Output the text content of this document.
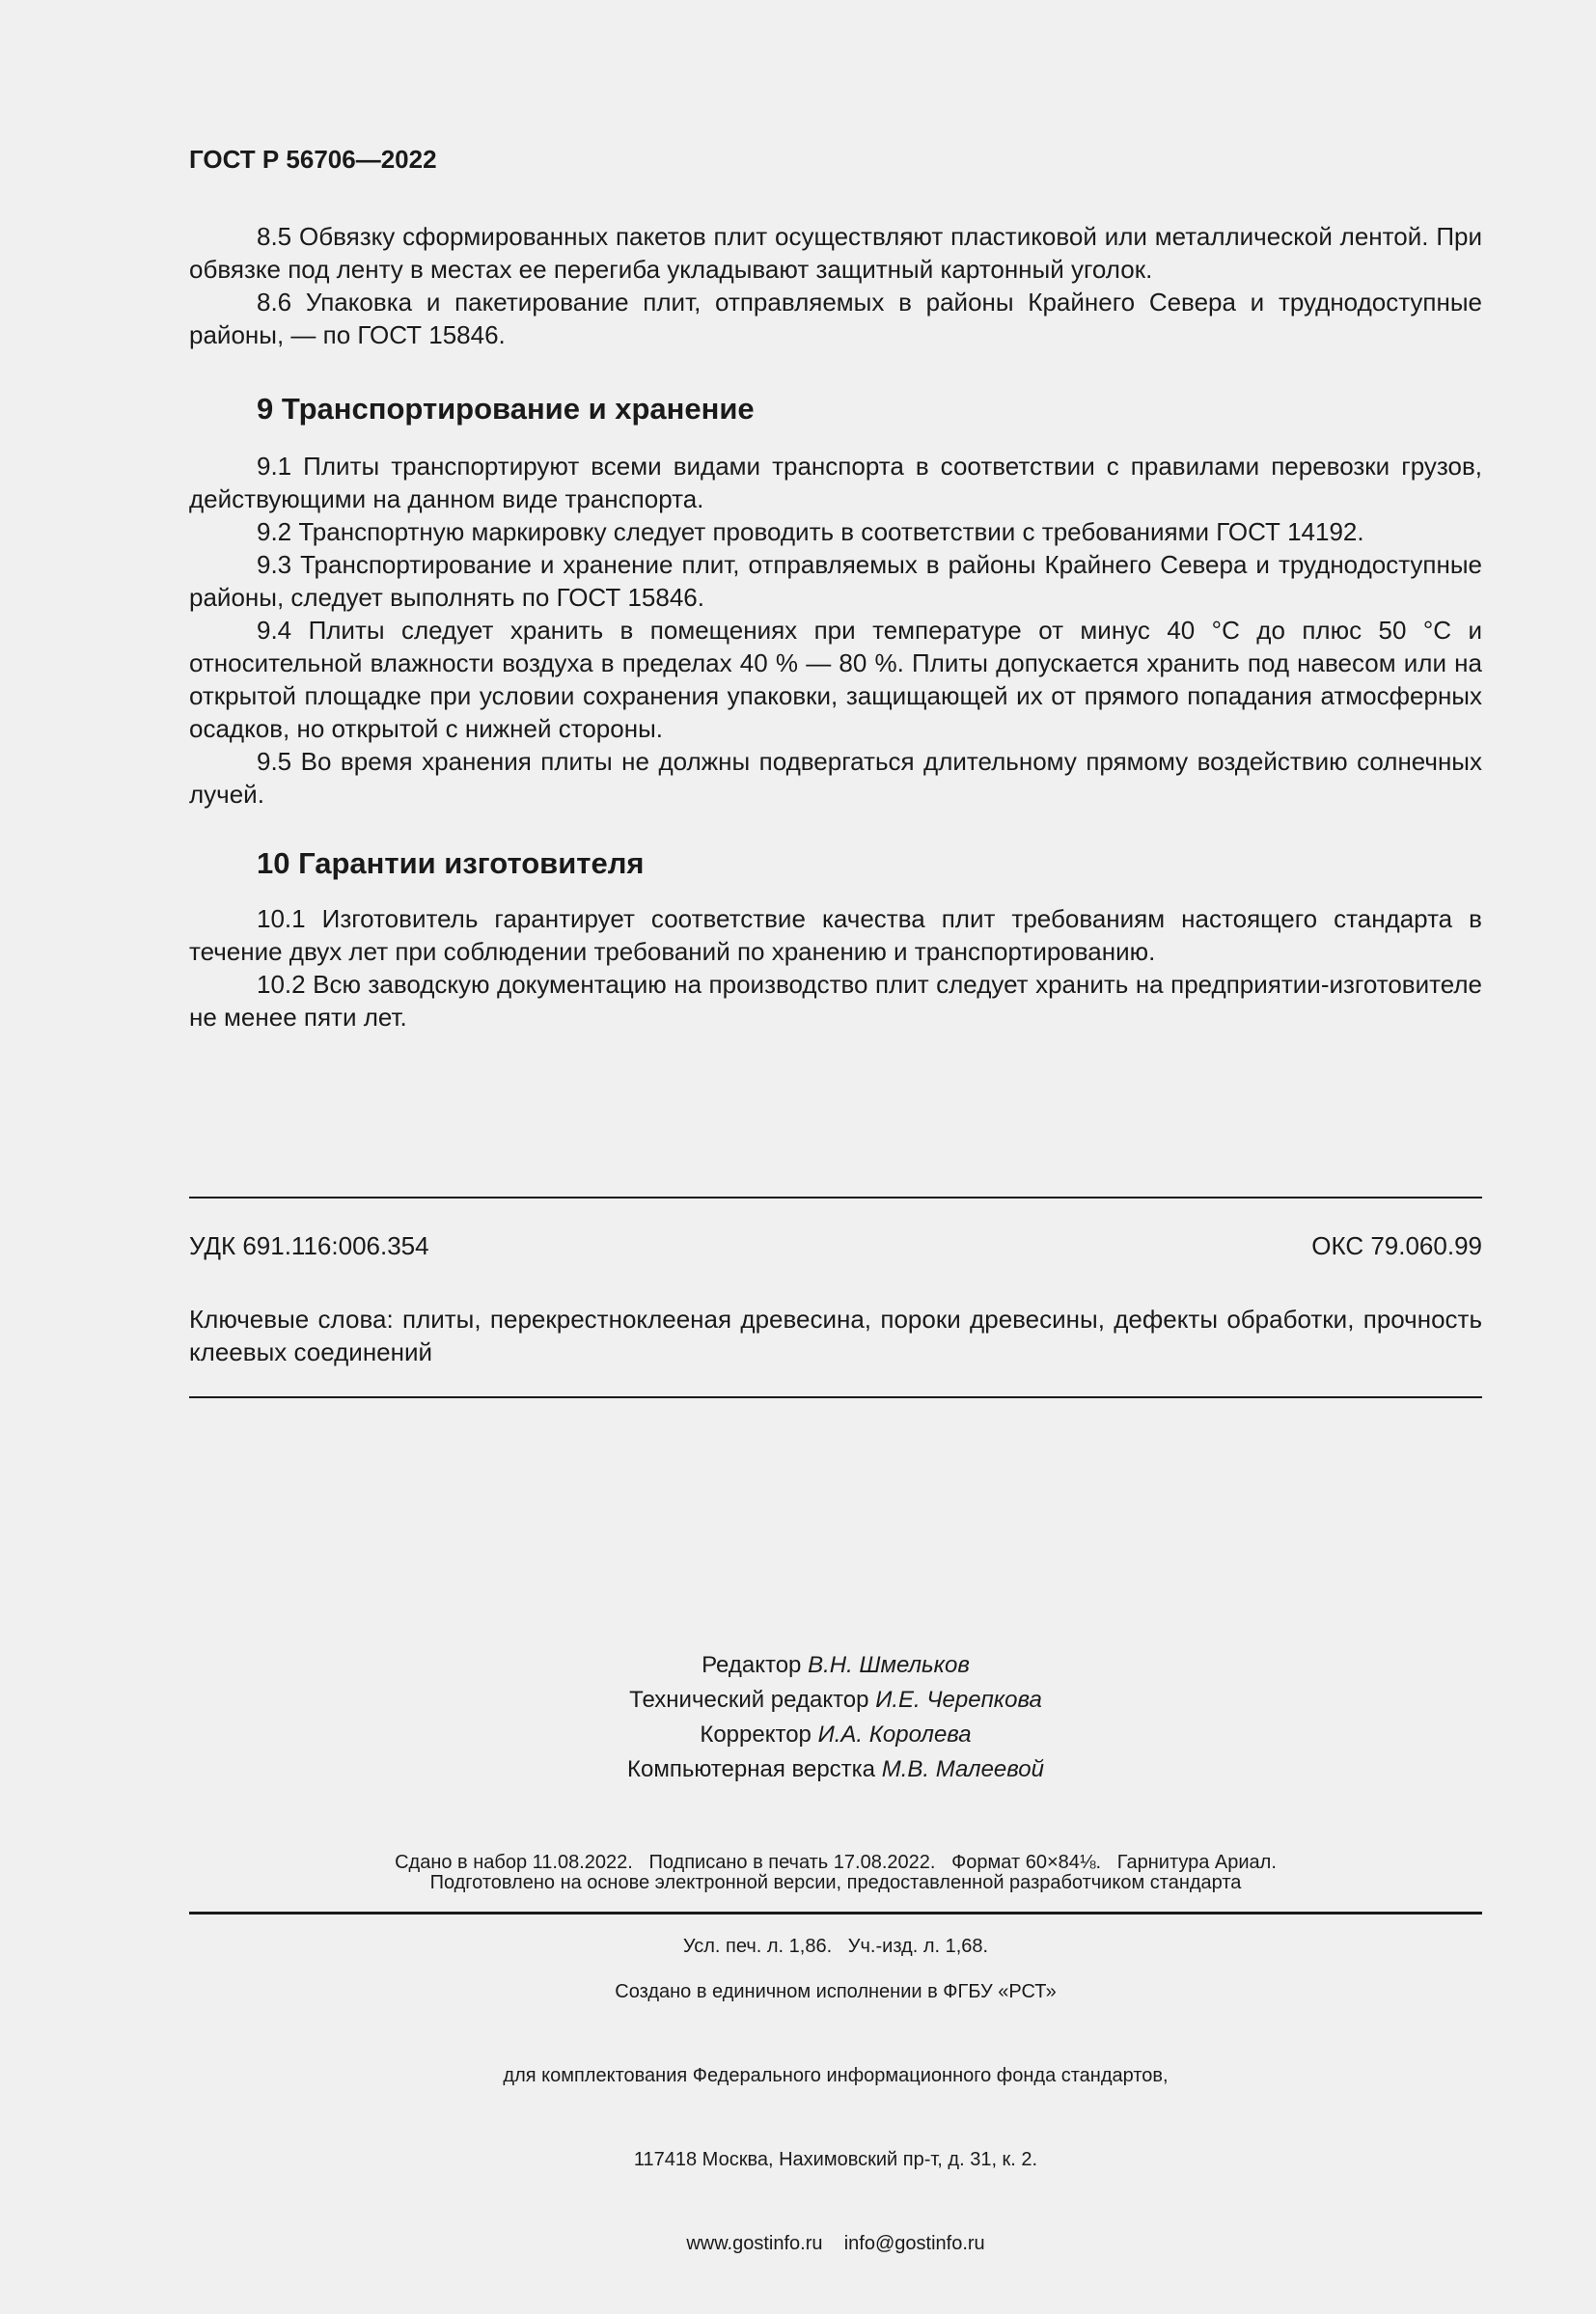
ГОСТ Р 56706—2022

8.5 Обвязку сформированных пакетов плит осуществляют пластиковой или металлической лентой. При обвязке под ленту в местах ее перегиба укладывают защитный картонный уголок.

8.6 Упаковка и пакетирование плит, отправляемых в районы Крайнего Севера и труднодоступные районы, — по ГОСТ 15846.

9 Транспортирование и хранение

9.1 Плиты транспортируют всеми видами транспорта в соответствии с правилами перевозки грузов, действующими на данном виде транспорта.

9.2 Транспортную маркировку следует проводить в соответствии с требованиями ГОСТ 14192.

9.3 Транспортирование и хранение плит, отправляемых в районы Крайнего Севера и труднодоступные районы, следует выполнять по ГОСТ 15846.

9.4 Плиты следует хранить в помещениях при температуре от минус 40 °С до плюс 50 °С и относительной влажности воздуха в пределах 40 % — 80 %. Плиты допускается хранить под навесом или на открытой площадке при условии сохранения упаковки, защищающей их от прямого попадания атмосферных осадков, но открытой с нижней стороны.

9.5 Во время хранения плиты не должны подвергаться длительному прямому воздействию солнечных лучей.

10 Гарантии изготовителя

10.1 Изготовитель гарантирует соответствие качества плит требованиям настоящего стандарта в течение двух лет при соблюдении требований по хранению и транспортированию.

10.2 Всю заводскую документацию на производство плит следует хранить на предприятии-изготовителе не менее пяти лет.

УДК 691.116:006.354	ОКС 79.060.99

Ключевые слова: плиты, перекрестноклееная древесина, пороки древесины, дефекты обработки, прочность клеевых соединений

Редактор В.Н. Шмельков
Технический редактор И.Е. Черепкова
Корректор И.А. Королева
Компьютерная верстка М.В. Малеевой

Сдано в набор 11.08.2022.   Подписано в печать 17.08.2022.   Формат 60×84⅛.   Гарнитура Ариал.

Усл. печ. л. 1,86.   Уч.-изд. л. 1,68.

Подготовлено на основе электронной версии, предоставленной разработчиком стандарта

Создано в единичном исполнении в ФГБУ «РСТ»

для комплектования Федерального информационного фонда стандартов,

117418 Москва, Нахимовский пр-т, д. 31, к. 2.

www.gostinfo.ru    info@gostinfo.ru
